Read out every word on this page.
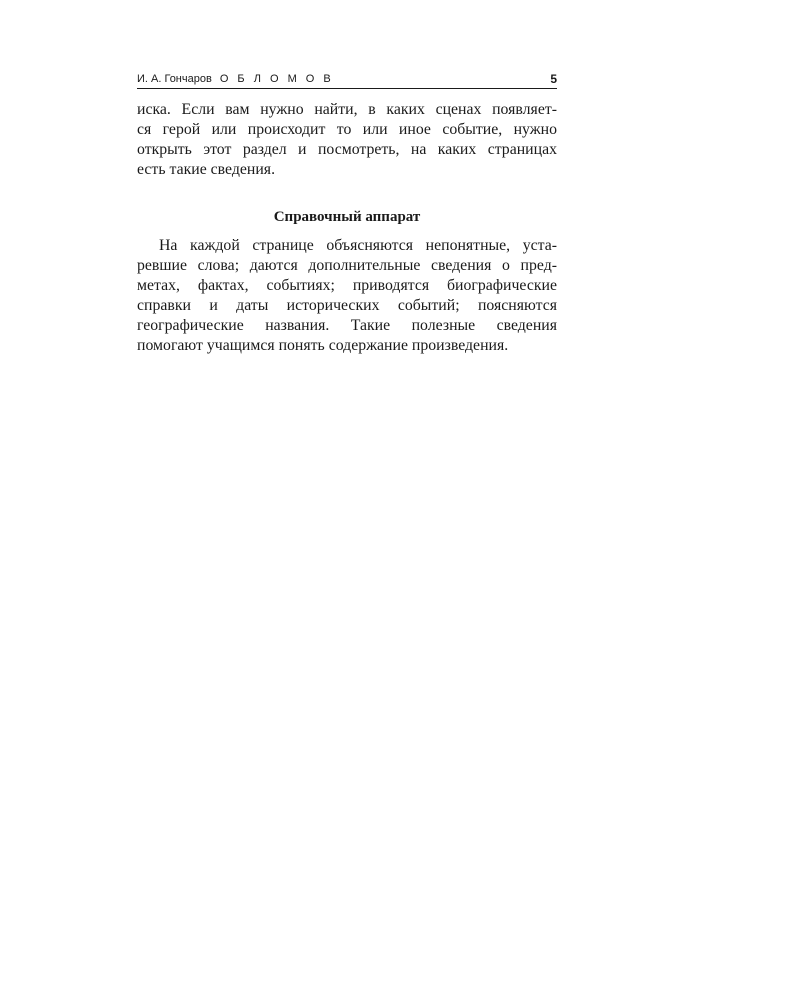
И. А. Гончаров О Б Л О М О В	5
иска. Если вам нужно найти, в каких сценах появляет-
ся герой или происходит то или иное событие, нужно
открыть этот раздел и посмотреть, на каких страницах
есть такие сведения.
Справочный аппарат
На каждой странице объясняются непонятные, уста-
ревшие слова; даются дополнительные сведения о пред-
метах, фактах, событиях; приводятся биографические
справки и даты исторических событий; поясняются
географические названия. Такие полезные сведения
помогают учащимся понять содержание произведения.
